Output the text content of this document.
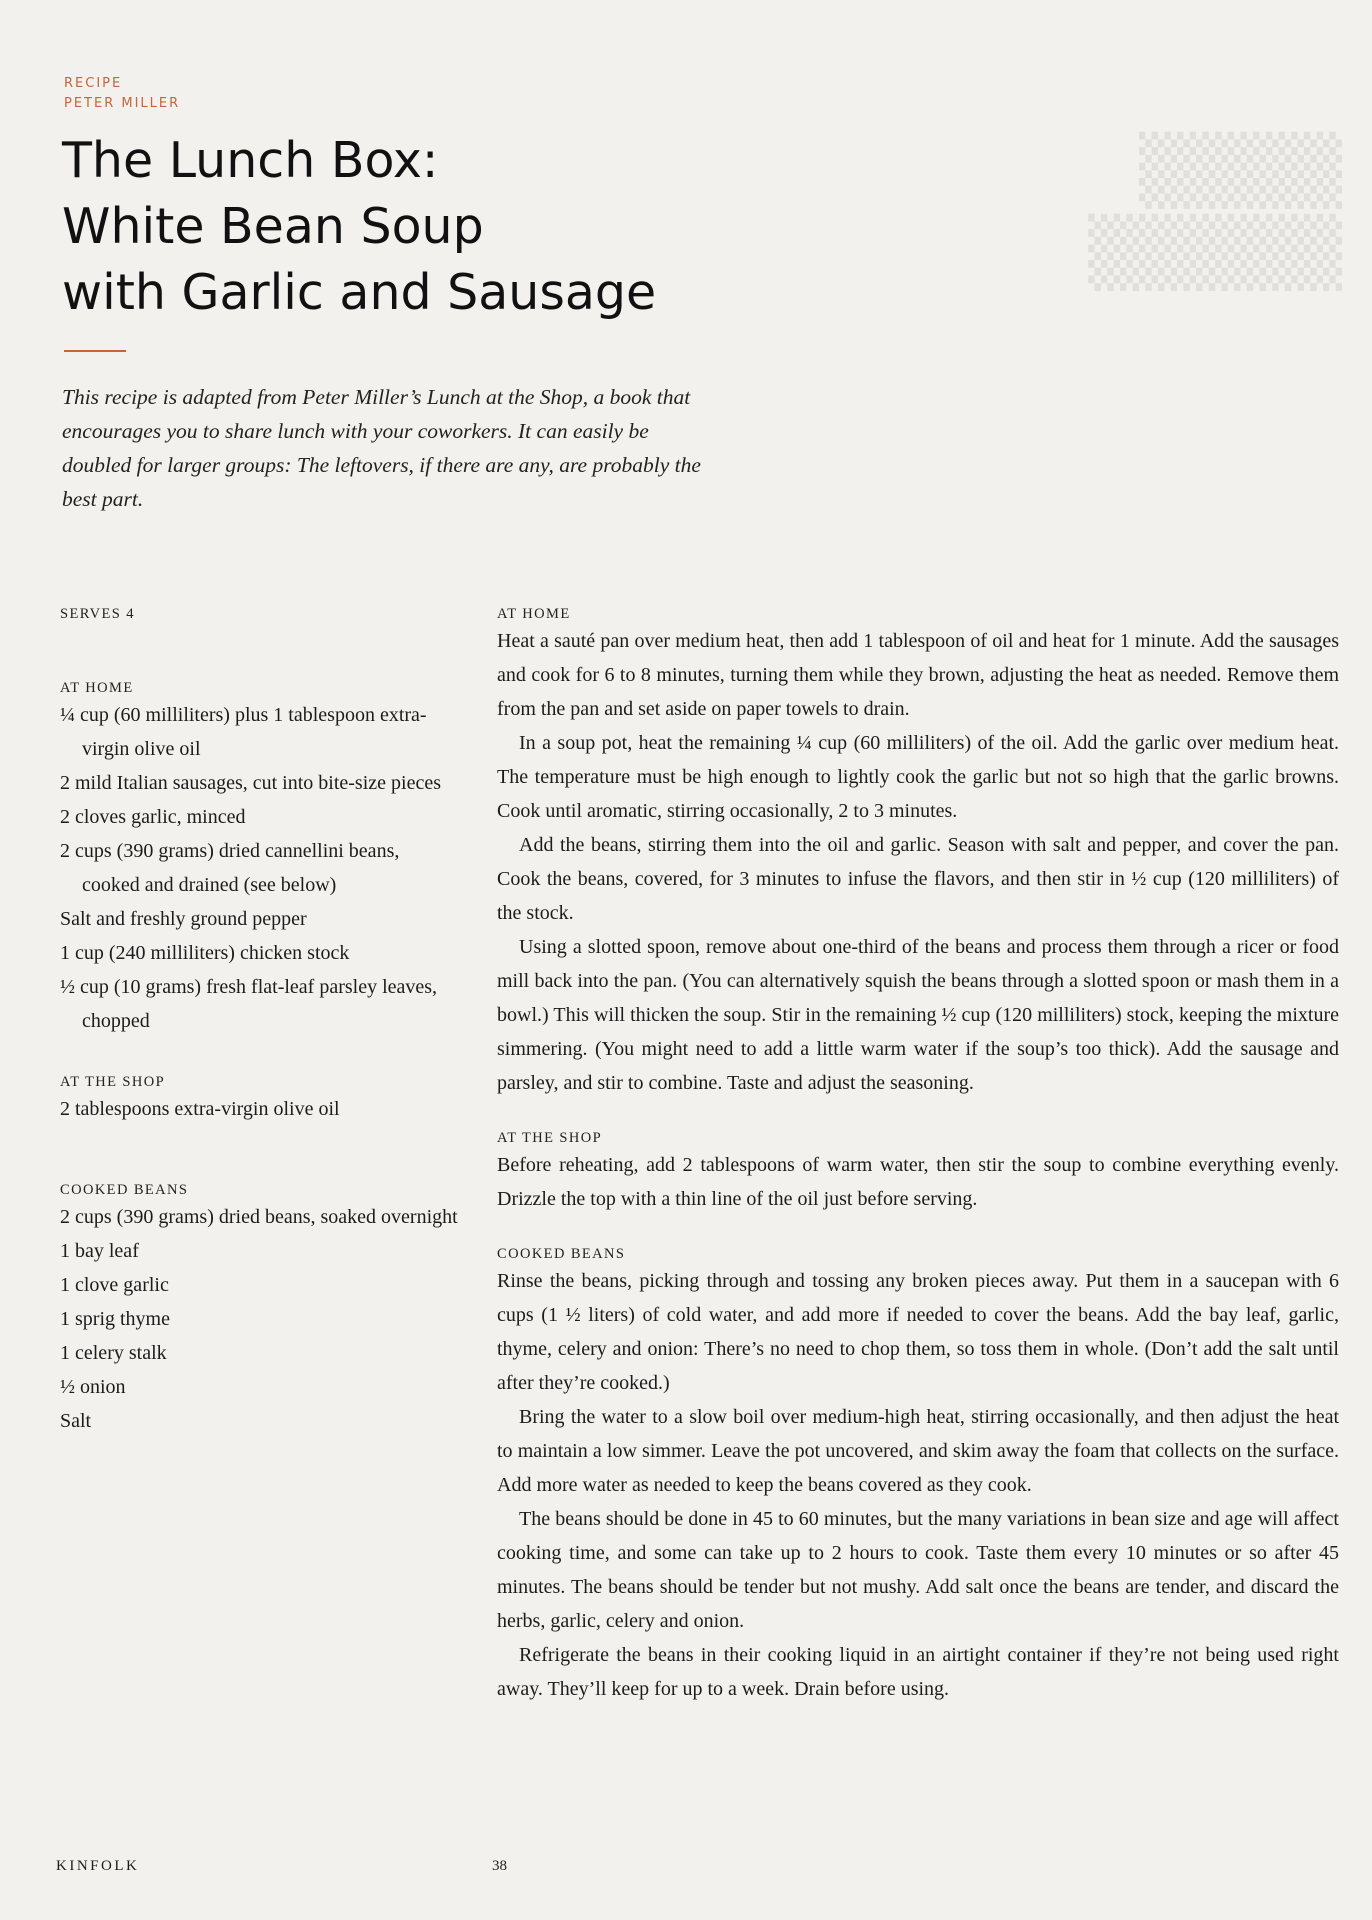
▒▒▒▒
▒▒▒▒▒
RECIPE
PETER MILLER
The Lunch Box:
White Bean Soup
with Garlic and Sausage
This recipe is adapted from Peter Miller’s Lunch at the Shop, a book that encourages you to share lunch with your coworkers. It can easily be doubled for larger groups: The leftovers, if there are any, are probably the best part.
SERVES 4
AT HOME
¼ cup (60 milliliters) plus 1 tablespoon extra-virgin olive oil
2 mild Italian sausages, cut into bite-size pieces
2 cloves garlic, minced
2 cups (390 grams) dried cannellini beans, cooked and drained (see below)
Salt and freshly ground pepper
1 cup (240 milliliters) chicken stock
½ cup (10 grams) fresh flat-leaf parsley leaves, chopped
AT THE SHOP
2 tablespoons extra-virgin olive oil
COOKED BEANS
2 cups (390 grams) dried beans, soaked overnight
1 bay leaf
1 clove garlic
1 sprig thyme
1 celery stalk
½ onion
Salt
AT HOME

Heat a sauté pan over medium heat, then add 1 tablespoon of oil and heat for 1 minute. Add the sausages and cook for 6 to 8 minutes, turning them while they brown, adjusting the heat as needed. Remove them from the pan and set aside on paper towels to drain.

In a soup pot, heat the remaining ¼ cup (60 milliliters) of the oil. Add the garlic over medium heat. The temperature must be high enough to lightly cook the garlic but not so high that the garlic browns. Cook until aromatic, stirring occasionally, 2 to 3 minutes.

Add the beans, stirring them into the oil and garlic. Season with salt and pepper, and cover the pan. Cook the beans, covered, for 3 minutes to infuse the flavors, and then stir in ½ cup (120 milliliters) of the stock.

Using a slotted spoon, remove about one-third of the beans and process them through a ricer or food mill back into the pan. (You can alternatively squish the beans through a slotted spoon or mash them in a bowl.) This will thicken the soup. Stir in the remaining ½ cup (120 milliliters) stock, keeping the mixture simmering. (You might need to add a little warm water if the soup’s too thick). Add the sausage and parsley, and stir to combine. Taste and adjust the seasoning.

AT THE SHOP

Before reheating, add 2 tablespoons of warm water, then stir the soup to combine everything evenly. Drizzle the top with a thin line of the oil just before serving.

COOKED BEANS

Rinse the beans, picking through and tossing any broken pieces away. Put them in a saucepan with 6 cups (1 ½ liters) of cold water, and add more if needed to cover the beans. Add the bay leaf, garlic, thyme, celery and onion: There’s no need to chop them, so toss them in whole. (Don’t add the salt until after they’re cooked.)

Bring the water to a slow boil over medium-high heat, stirring occasionally, and then adjust the heat to maintain a low simmer. Leave the pot uncovered, and skim away the foam that collects on the surface. Add more water as needed to keep the beans covered as they cook.

The beans should be done in 45 to 60 minutes, but the many variations in bean size and age will affect cooking time, and some can take up to 2 hours to cook. Taste them every 10 minutes or so after 45 minutes. The beans should be tender but not mushy. Add salt once the beans are tender, and discard the herbs, garlic, celery and onion.

Refrigerate the beans in their cooking liquid in an airtight container if they’re not being used right away. They’ll keep for up to a week. Drain before using.

KINFOLK	38
